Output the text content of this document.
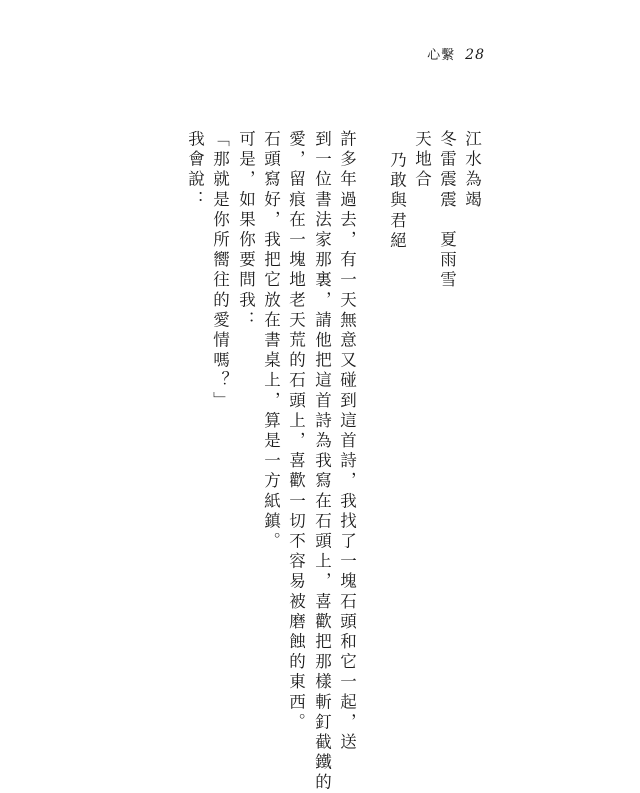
心繫 28
江水為竭
冬雷震震　夏雨雪
天地合
乃敢與君絕
許多年過去，有一天無意又碰到這首詩，我找了一塊石頭和它一起，送
到一位書法家那裏，請他把這首詩為我寫在石頭上，喜歡把那樣斬釘截鐵的
愛，留痕在一塊地老天荒的石頭上，喜歡一切不容易被磨蝕的東西。
石頭寫好，我把它放在書桌上，算是一方紙鎮。
可是，如果你要問我：
「那就是你所嚮往的愛情嗎？」
我會說：
